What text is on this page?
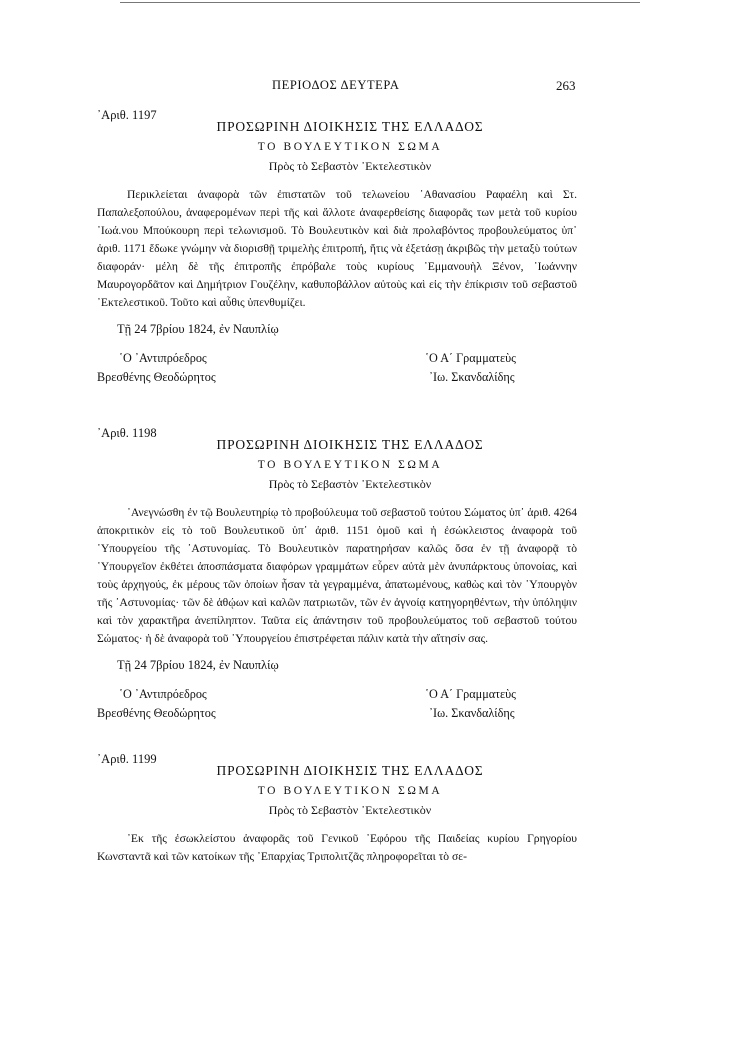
ΠΕΡΙΟΔΟΣ ΔΕΥΤΕΡΑ	263

᾽Αριθ. 1197

ΠΡΟΣΩΡΙΝΗ ΔΙΟΙΚΗΣΙΣ ΤΗΣ ΕΛΛΑΔΟΣ

ΤΟ ΒΟΥΛΕΥΤΙΚΟΝ ΣΩΜΑ

Πρὸς τὸ Σεβαστὸν ᾽Εκτελεστικὸν

Περικλείεται ἀναφορὰ τῶν ἐπιστατῶν τοῦ τελωνείου ᾽Αθανασίου Ραφαέλη καὶ Στ. Παπαλεξοπούλου, ἀναφερομένων περὶ τῆς καὶ ἄλλοτε ἀναφερθείσης διαφορᾶς των μετὰ τοῦ κυρίου ᾽Ιωά.νου Μπούκουρη περὶ τελωνισμοῦ. Τὸ Βουλευτικὸν καὶ διὰ προλαβόντος προβουλεύματος ὑπ᾽ ἀριθ. 1171 ἔδωκε γνώμην νὰ διορισθῇ τριμελὴς ἐπιτροπή, ἥτις νὰ ἐξετάσῃ ἀκριβῶς τὴν μεταξὺ τούτων διαφοράν· μέλη δὲ τῆς ἐπιτροπῆς ἐπρόβαλε τοὺς κυρίους ᾽Εμμανουὴλ Ξένον, ᾽Ιωάννην Μαυρογορδᾶτον καὶ Δημήτριον Γουζέλην, καθυποβάλλον αὐτοὺς καὶ εἰς τὴν ἐπίκρισιν τοῦ σεβαστοῦ ᾽Εκτελεστικοῦ. Τοῦτο καὶ αὖθις ὑπενθυμίζει.

Τῇ 24 7βρίου 1824, ἐν Ναυπλίῳ

῾Ο ᾽Αντιπρόεδρος
Βρεσθένης Θεοδώρητος
῾Ο Α΄ Γραμματεὺς
᾽Ιω. Σκανδαλίδης

᾽Αριθ. 1198

ΠΡΟΣΩΡΙΝΗ ΔΙΟΙΚΗΣΙΣ ΤΗΣ ΕΛΛΑΔΟΣ

ΤΟ ΒΟΥΛΕΥΤΙΚΟΝ ΣΩΜΑ

Πρὸς τὸ Σεβαστὸν ᾽Εκτελεστικὸν

᾽Ανεγνώσθη ἐν τῷ Βουλευτηρίῳ τὸ προβούλευμα τοῦ σεβαστοῦ τούτου Σώματος ὑπ᾽ ἀριθ. 4264 ἀποκριτικὸν εἰς τὸ τοῦ Βουλευτικοῦ ὑπ᾽ ἀριθ. 1151 ὁμοῦ καὶ ἡ ἐσώκλειστος ἀναφορὰ τοῦ ῾Υπουργείου τῆς ᾽Αστυνομίας. Τὸ Βουλευτικὸν παρατηρήσαν καλῶς ὅσα ἐν τῇ ἀναφορᾷ τὸ ῾Υπουργεῖον ἐκθέτει ἀποσπάσματα διαφόρων γραμμάτων εὗρεν αὐτὰ μὲν ἀνυπάρκτους ὑπονοίας, καὶ τοὺς ἀρχηγούς, ἐκ μέρους τῶν ὁποίων ἦσαν τὰ γεγραμμένα, ἀπατωμένους, καθὼς καὶ τὸν ῾Υπουργὸν τῆς ᾽Αστυνομίας· τῶν δὲ ἀθῴων καὶ καλῶν πατριωτῶν, τῶν ἐν ἀγνοίᾳ κατηγορηθέντων, τὴν ὑπόληψιν καὶ τὸν χαρακτῆρα ἀνεπίληπτον. Ταῦτα εἰς ἀπάντησιν τοῦ προβουλεύματος τοῦ σεβαστοῦ τούτου Σώματος· ἡ δὲ ἀναφορὰ τοῦ ῾Υπουργείου ἐπιστρέφεται πάλιν κατὰ τὴν αἴτησίν σας.

Τῇ 24 7βρίου 1824, ἐν Ναυπλίῳ

῾Ο ᾽Αντιπρόεδρος
Βρεσθένης Θεοδώρητος
῾Ο Α΄ Γραμματεὺς
᾽Ιω. Σκανδαλίδης

᾽Αριθ. 1199

ΠΡΟΣΩΡΙΝΗ ΔΙΟΙΚΗΣΙΣ ΤΗΣ ΕΛΛΑΔΟΣ

ΤΟ ΒΟΥΛΕΥΤΙΚΟΝ ΣΩΜΑ

Πρὸς τὸ Σεβαστὸν ᾽Εκτελεστικὸν

᾽Εκ τῆς ἐσωκλείστου ἀναφορᾶς τοῦ Γενικοῦ ᾽Εφόρου τῆς Παιδείας κυρίου Γρηγορίου Κωνσταντᾶ καὶ τῶν κατοίκων τῆς ᾽Επαρχίας Τριπολιτζᾶς πληροφορεῖται τὸ σε-
